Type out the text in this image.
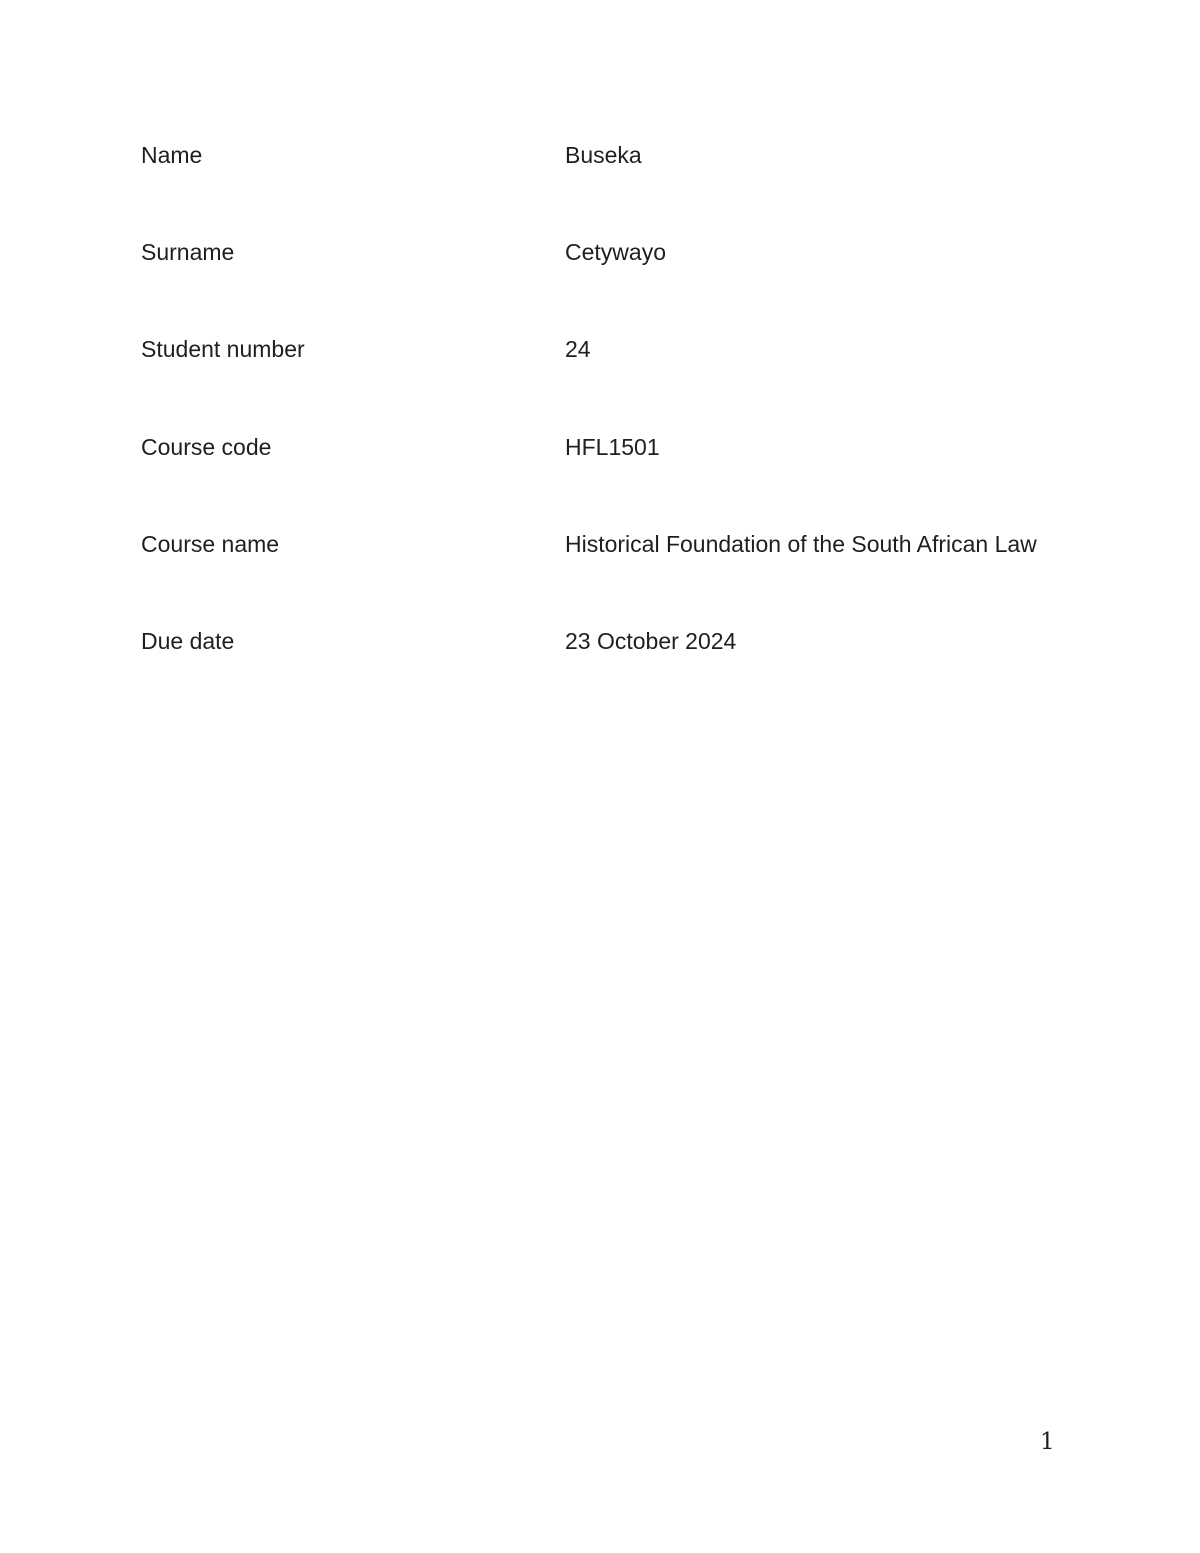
Name	Buseka
Surname	Cetywayo
Student number	24
Course code	HFL1501
Course name	Historical Foundation of the South African Law
Due date	23 October 2024
1
